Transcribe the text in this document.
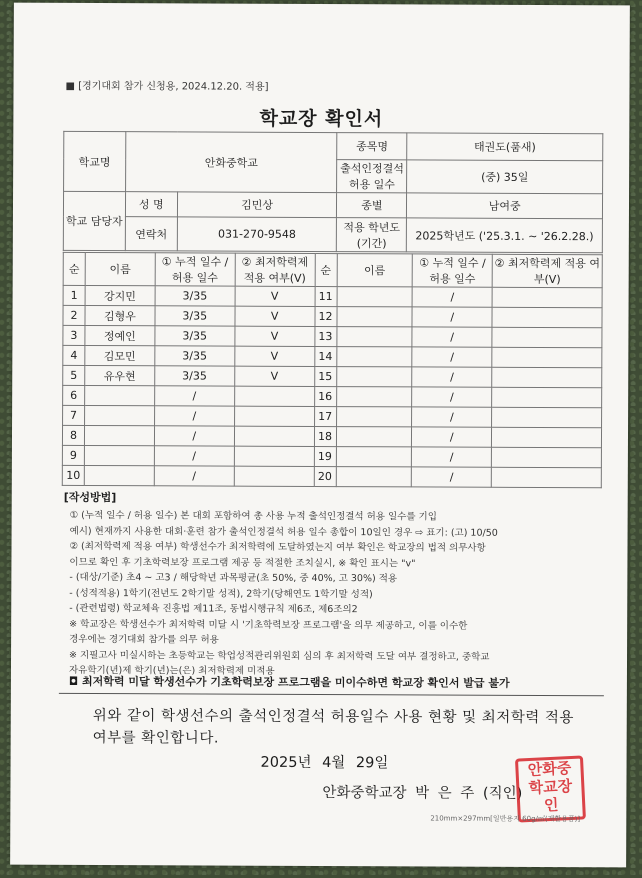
■ [경기대회 참가 신청용, 2024.12.20. 적용]
학교장 확인서
학교명	안화중학교		종목명	태권도(품새)
			출석인정결석 허용 일수	(중) 35일
학교 담당자	성 명	김민상	종별	남여중
	연락처	031-270-9548	적용 학년도 (기간)	2025학년도 ('25.3.1. ~ '26.2.28.)
순	이름	① 누적 일수 / 허용 일수	② 최저학력제 적용 여부(V)	순	이름	① 누적 일수 / 허용 일수	② 최저학력제 적용 여부(V)
1	강지민	3/35	V	11		/	
2	김형우	3/35	V	12		/	
3	정예인	3/35	V	13		/	
4	김모민	3/35	V	14		/	
5	유우현	3/35	V	15		/	
6		/		16		/	
7		/		17		/	
8		/		18		/	
9		/		19		/	
10		/		20		/	
[작성방법]
① (누적 일수 / 허용 일수) 본 대회 포함하여 총 사용 누적 출석인정결석 허용 일수를 기입
예시) 현재까지 사용한 대회·훈련 참가 출석인정결석 허용 일수 총합이 10일인 경우 ⇨ 표기: (고) 10/50
② (최저학력제 적용 여부) 학생선수가 최저학력에 도달하였는지 여부 확인은 학교장의 법적 의무사항
이므로 확인 후 기초학력보장 프로그램 제공 등 적절한 조치실시, ※ 확인 표시는 "v"
- (대상/기준) 초4 ~ 고3 / 해당학년 과목평균(초 50%, 중 40%, 고 30%) 적용
- (성적적용) 1학기(전년도 2학기말 성적), 2학기(당해연도 1학기말 성적)
- (관련법령) 학교체육 진흥법 제11조, 동법시행규칙 제6조, 제6조의2
※ 학교장은 학생선수가 최저학력 미달 시 '기초학력보장 프로그램'을 의무 제공하고, 이를 이수한
경우에는 경기대회 참가를 의무 허용
※ 지필고사 미실시하는 초등학교는 학업성적관리위원회 심의 후 최저학력 도달 여부 결정하고, 중학교
자유학기(년)제 학기(년)는(은) 최저학력제 미적용
◘ 최저학력 미달 학생선수가 기초학력보장 프로그램을 미이수하면 학교장 확인서 발급 불가
위와 같이 학생선수의 출석인정결석 허용일수 사용 현황 및 최저학력 적용 여부를 확인합니다.
2025년 4월 29일
안화중학교장 박 은 주 (직인)
안화중
학교장
인
210mm×297mm[일반용지 60g/㎡(재활용품)]
